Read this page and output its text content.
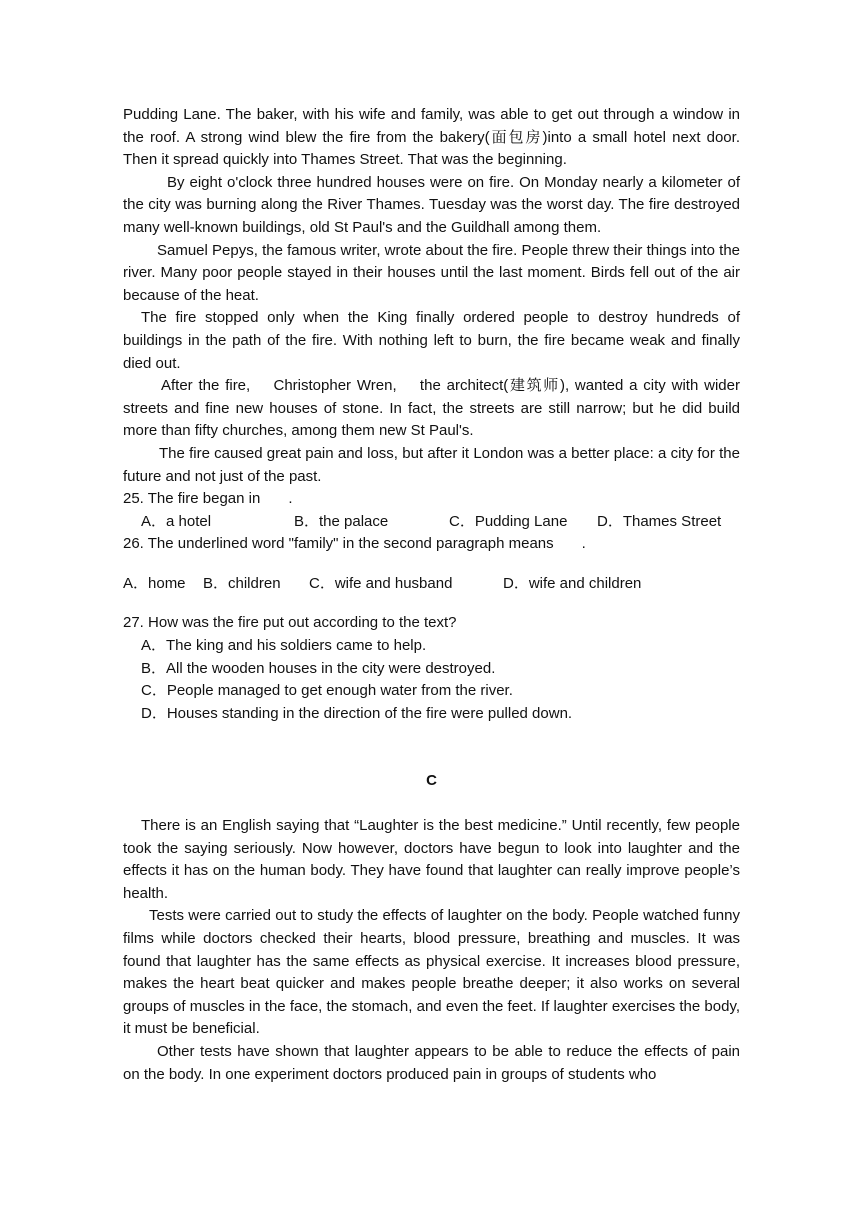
Pudding Lane. The baker, with his wife and family, was able to get out through a window in the roof. A strong wind blew the fire from the bakery(面包房)into a small hotel next door. Then it spread quickly into Thames Street. That was the beginning.

By eight o'clock three hundred houses were on fire. On Monday nearly a kilometer of the city was burning along the River Thames. Tuesday was the worst day. The fire destroyed many well-known buildings, old St Paul's and the Guildhall among them.

Samuel Pepys, the famous writer, wrote about the fire. People threw their things into the river. Many poor people stayed in their houses until the last moment. Birds fell out of the air because of the heat.

The fire stopped only when the King finally ordered people to destroy hundreds of buildings in the path of the fire. With nothing left to burn, the fire became weak and finally died out.

After the fire,    Christopher Wren,    the architect(建筑师), wanted a city with wider streets and fine new houses of stone. In fact, the streets are still narrow; but he did build more than fifty churches, among them new St Paul's.

The fire caused great pain and loss, but after it London was a better place: a city for the future and not just of the past.

25. The fire began in .

A．a hotel	B．the palace	C．Pudding Lane	D．Thames Street

26. The underlined word "family" in the second paragraph means .

A．home	B．children	C．wife and husband	D．wife and children

27. How was the fire put out according to the text?

A．The king and his soldiers came to help.

B．All the wooden houses in the city were destroyed.

C．People managed to get enough water from the river.

D．Houses standing in the direction of the fire were pulled down.

C

There is an English saying that “Laughter is the best medicine.” Until recently, few people took the saying seriously. Now however, doctors have begun to look into laughter and the effects it has on the human body. They have found that laughter can really improve people’s health.

Tests were carried out to study the effects of laughter on the body. People watched funny films while doctors checked their hearts, blood pressure, breathing and muscles. It was found that laughter has the same effects as physical exercise. It increases blood pressure, makes the heart beat quicker and makes people breathe deeper; it also works on several groups of muscles in the face, the stomach, and even the feet. If laughter exercises the body, it must be beneficial.

Other tests have shown that laughter appears to be able to reduce the effects of pain on the body. In one experiment doctors produced pain in groups of students who
